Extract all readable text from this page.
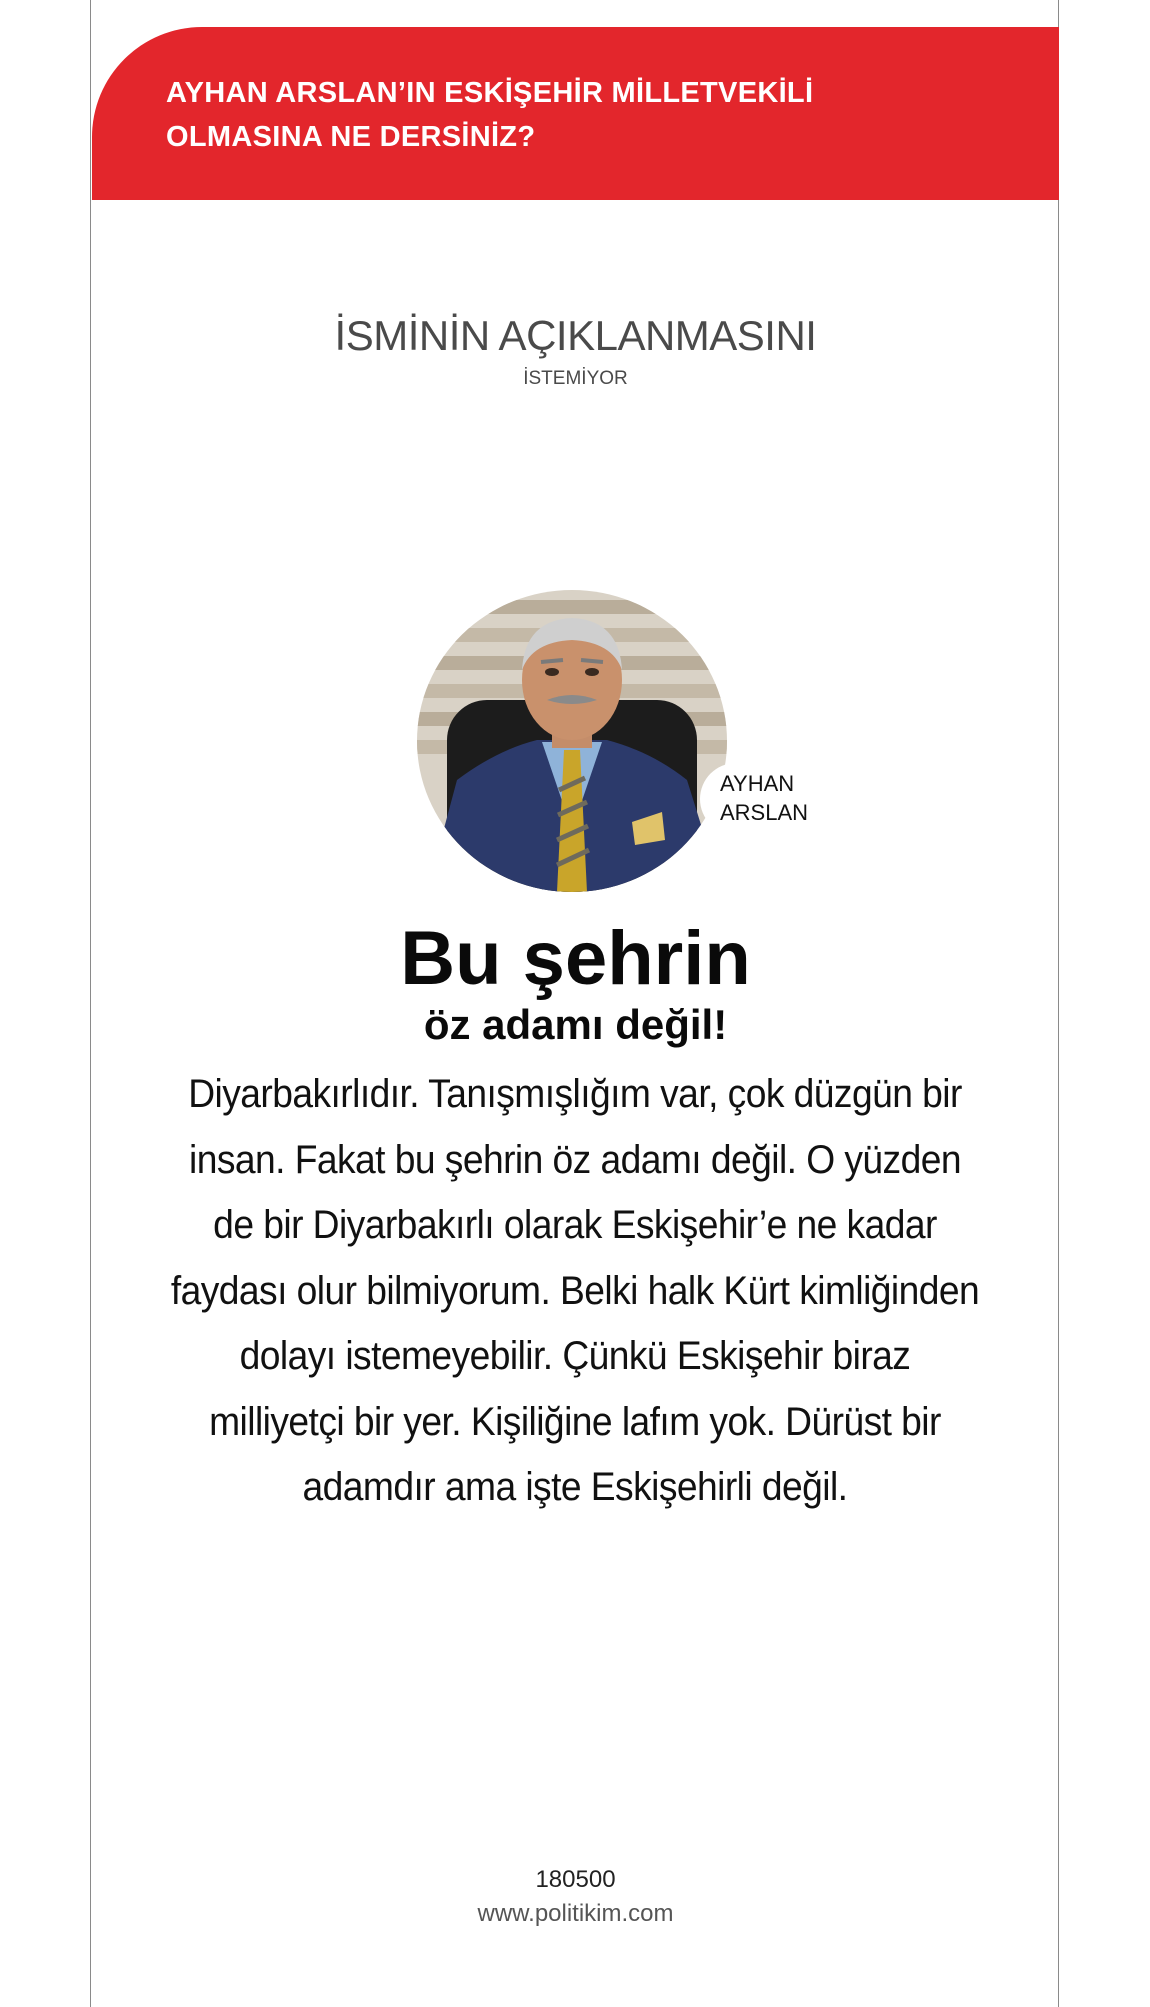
AYHAN ARSLAN’IN ESKİŞEHİR MİLLETVEKİLİ OLMASINA NE DERSİNİZ?
İSMİNİN AÇIKLANMASINI
İSTEMİYOR
AYHAN
ARSLAN
Bu şehrin
öz adamı değil!

Diyarbakırlıdır. Tanışmışlığım var, çok düzgün bir insan. Fakat bu şehrin öz adamı değil. O yüzden de bir Diyarbakırlı olarak Eskişehir’e ne kadar faydası olur bilmiyorum. Belki halk Kürt kimliğinden dolayı istemeyebilir. Çünkü Eskişehir biraz milliyetçi bir yer. Kişiliğine lafım yok. Dürüst bir adamdır ama işte Eskişehirli değil.

180500
www.politikim.com
